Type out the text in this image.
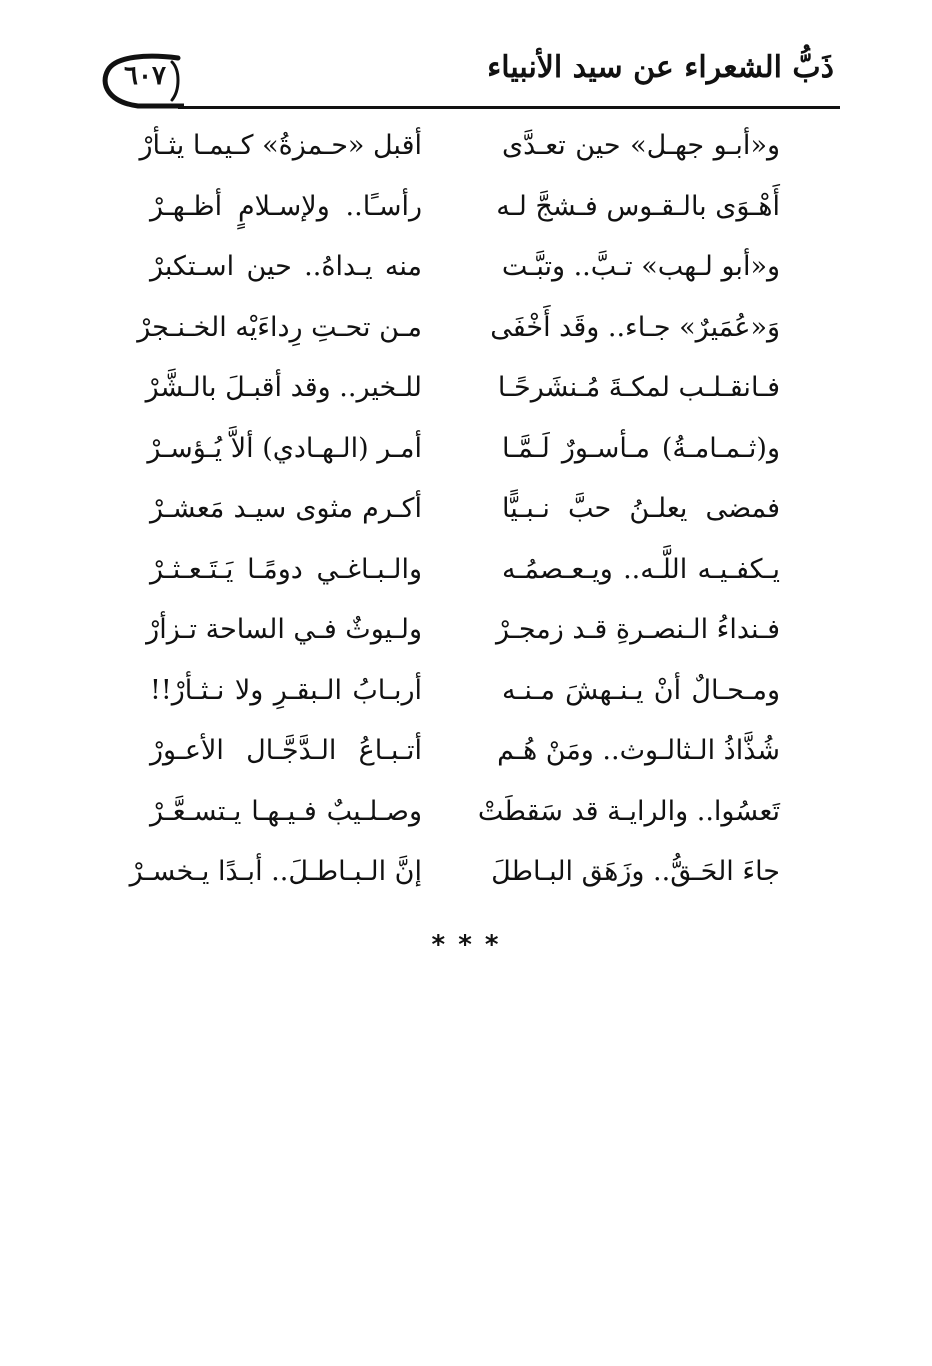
ذَبُّ الشعراء عن سيد الأنبياء
٦٠٧
و«أبـو جهـل» حين تعـدَّى
أقبل «حـمزةُ» كـيمـا يثـأرْ
أَهْـوَى بالـقـوس فـشجَّ لـه
رأسـًا.. ولإسـلامٍ أظـهـرْ
و«أبو لـهب» تـبَّ.. وتبَّـت
منه يـداهُ.. حين اسـتكبرْ
وَ«عُمَيرٌ» جـاء.. وقَد أَخْفَى
مـن تحـتِ رِداءَيْه الخـنـجرْ
فـانقـلـب لمكـةَ مُـنشَرحًـا
للـخير.. وقد أقبـلَ بالـشَّرْ
و(ثـمـامـةُ) مـأسـورٌ لَـمَّـا
أمـر (الـهـادي) ألاَّ يُـؤسـرْ
فمضى يعلـنُ حبَّ نـبـيًّا
أكـرم مثوى سيـد مَعشـرْ
يـكفـيـه اللَّـه.. ويـعـصمُـه
والـبـاغـي دومًـا يَـتَـعـثـرْ
فـنداءُ الـنصـرةِ قـد زمجـرْ
ولـيوثٌ فـي الساحة تـزأرْ
ومـحـالٌ أنْ يـنـهشَ مـنـه
أربـابُ الـبقـرِ ولا نـثـأرْ!!
شُذَّاذُ الـثالـوث.. ومَنْ هُـم
أتـبـاعُ الـدَّجَّـال الأعـورْ
تَعسُوا.. والرايـة قد سَقطَتْ
وصـلـيبٌ فـيـهـا يـتسـعَّـرْ
جاءَ الحَـقُّ.. وزَهَق البـاطلَ
إنَّ الـبـاطـلَ.. أبـدًا يـخسـرْ
* * *
